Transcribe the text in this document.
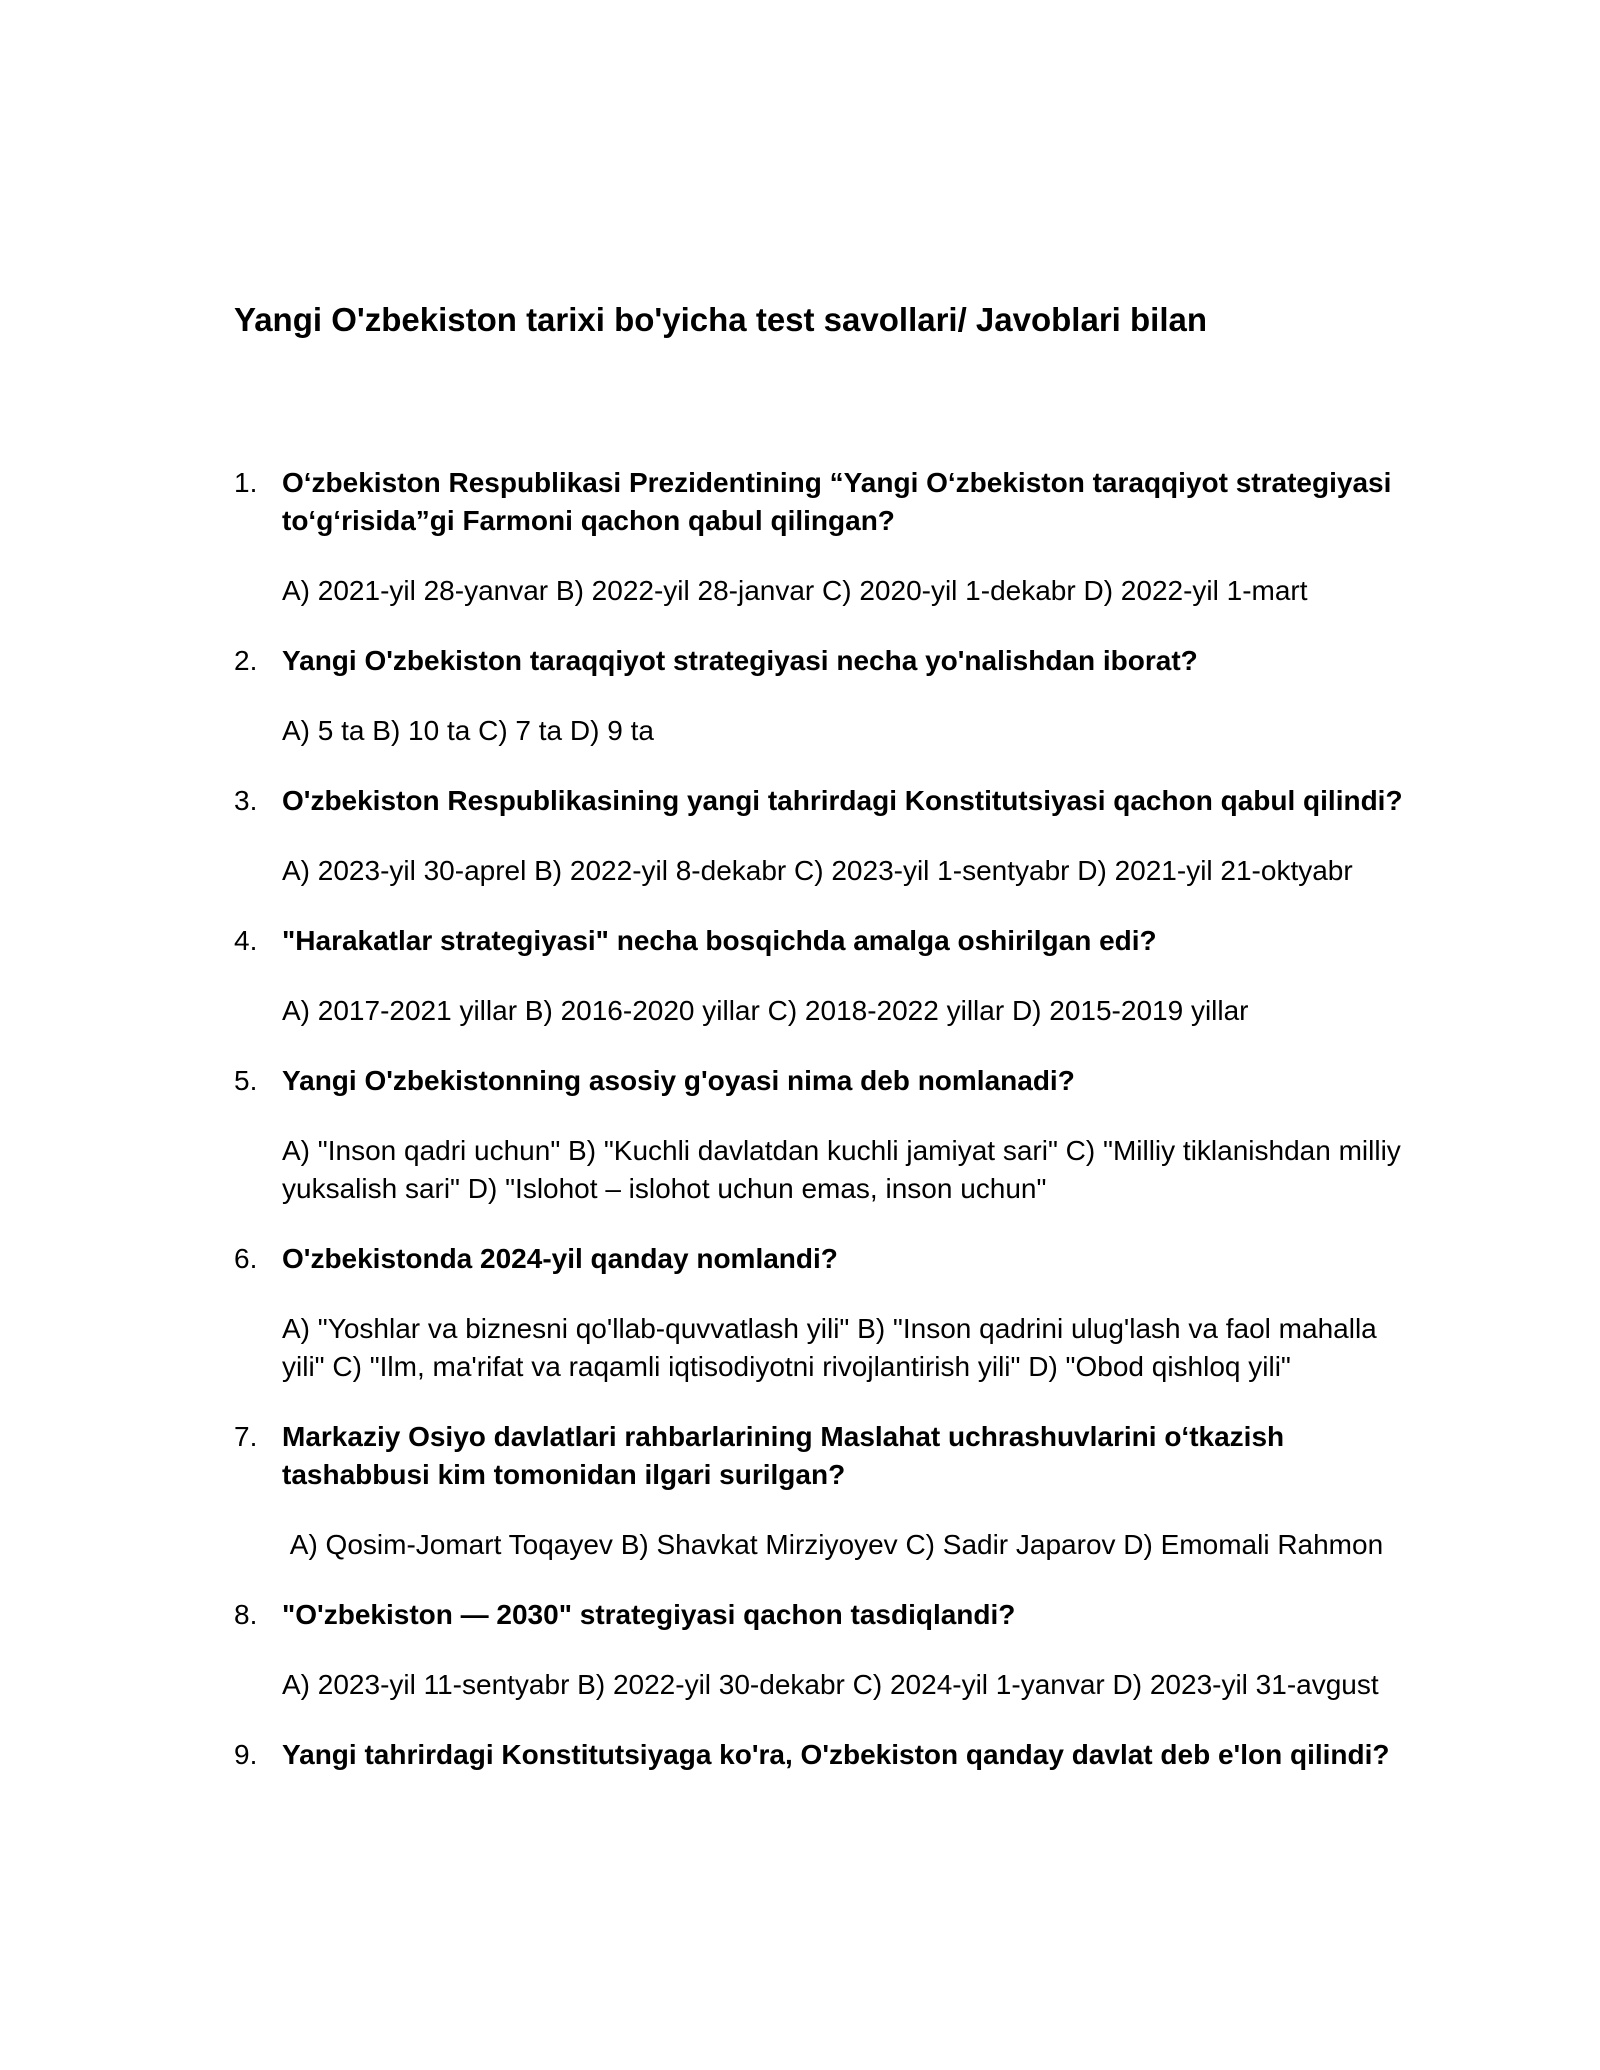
Yangi O'zbekiston tarixi bo'yicha test savollari/ Javoblari bilan
1. O‘zbekiston Respublikasi Prezidentining “Yangi O‘zbekiston taraqqiyot strategiyasi to‘g‘risida”gi Farmoni qachon qabul qilingan?

A) 2021-yil 28-yanvar B) 2022-yil 28-janvar C) 2020-yil 1-dekabr D) 2022-yil 1-mart

2. Yangi O'zbekiston taraqqiyot strategiyasi necha yo'nalishdan iborat?

A) 5 ta B) 10 ta C) 7 ta D) 9 ta

3. O'zbekiston Respublikasining yangi tahrirdagi Konstitutsiyasi qachon qabul qilindi?

A) 2023-yil 30-aprel B) 2022-yil 8-dekabr C) 2023-yil 1-sentyabr D) 2021-yil 21-oktyabr

4. "Harakatlar strategiyasi" necha bosqichda amalga oshirilgan edi?

A) 2017-2021 yillar B) 2016-2020 yillar C) 2018-2022 yillar D) 2015-2019 yillar

5. Yangi O'zbekistonning asosiy g'oyasi nima deb nomlanadi?

A) "Inson qadri uchun" B) "Kuchli davlatdan kuchli jamiyat sari" C) "Milliy tiklanishdan milliy yuksalish sari" D) "Islohot – islohot uchun emas, inson uchun"

6. O'zbekistonda 2024-yil qanday nomlandi?

A) "Yoshlar va biznesni qo'llab-quvvatlash yili" B) "Inson qadrini ulug'lash va faol mahalla yili" C) "Ilm, ma'rifat va raqamli iqtisodiyotni rivojlantirish yili" D) "Obod qishloq yili"

7. Markaziy Osiyo davlatlari rahbarlarining Maslahat uchrashuvlarini o‘tkazish tashabbusi kim tomonidan ilgari surilgan?

A) Qosim-Jomart Toqayev B) Shavkat Mirziyoyev C) Sadir Japarov D) Emomali Rahmon

8. "O'zbekiston — 2030" strategiyasi qachon tasdiqlandi?

A) 2023-yil 11-sentyabr B) 2022-yil 30-dekabr C) 2024-yil 1-yanvar D) 2023-yil 31-avgust

9. Yangi tahrirdagi Konstitutsiyaga ko'ra, O'zbekiston qanday davlat deb e'lon qilindi?
